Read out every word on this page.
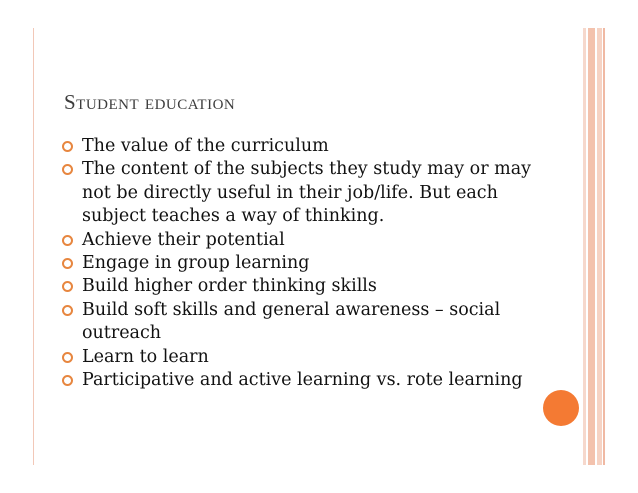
Student education
The value of the curriculum
The content of the subjects they study may or may not be directly useful in their job/life. But each subject teaches a way of thinking.
Achieve their potential
Engage in group learning
Build higher order thinking skills
Build soft skills and general awareness – social outreach
Learn to learn
Participative and active learning vs. rote learning
